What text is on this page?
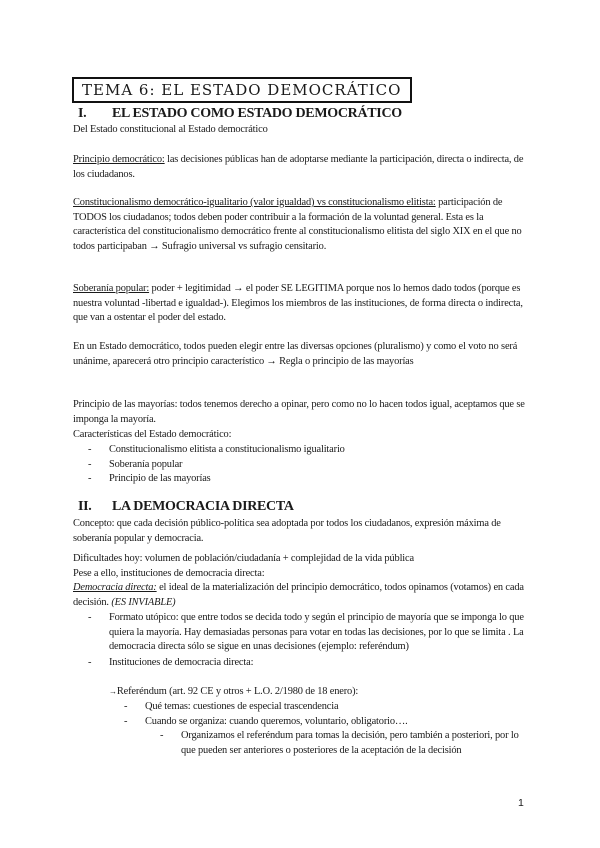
TEMA 6: EL ESTADO DEMOCRÁTICO
I. EL ESTADO COMO ESTADO DEMOCRÁTICO
Del Estado constitucional al Estado democrático
Principio democrático: las decisiones públicas han de adoptarse mediante la participación, directa o indirecta, de los ciudadanos.
Constitucionalismo democrático-igualitario (valor igualdad) vs constitucionalismo elitista: participación de TODOS los ciudadanos; todos deben poder contribuir a la formación de la voluntad general. Esta es la característica del constitucionalismo democrático frente al constitucionalismo elitista del siglo XIX en el que no todos participaban → Sufragio universal vs sufragio censitario.
Soberanía popular: poder + legitimidad → el poder SE LEGITIMA porque nos lo hemos dado todos (porque es nuestra voluntad -libertad e igualdad-). Elegimos los miembros de las instituciones, de forma directa o indirecta, que van a ostentar el poder del estado.
En un Estado democrático, todos pueden elegir entre las diversas opciones (pluralismo) y como el voto no será unánime, aparecerá otro principio característico → Regla o principio de las mayorías
Principio de las mayorías: todos tenemos derecho a opinar, pero como no lo hacen todos igual, aceptamos que se imponga la mayoría.
Características del Estado democrático:
- Constitucionalismo elitista a constitucionalismo igualitario
- Soberanía popular
- Principio de las mayorías
II. LA DEMOCRACIA DIRECTA
Concepto: que cada decisión público-política sea adoptada por todos los ciudadanos, expresión máxima de soberanía popular y democracia.
Dificultades hoy: volumen de población/ciudadanía + complejidad de la vida pública
Pese a ello, instituciones de democracia directa:
Democracia directa: el ideal de la materialización del principio democrático, todos opinamos (votamos) en cada decisión. (ES INVIABLE)
- Formato utópico: que entre todos se decida todo y según el principio de mayoría que se imponga lo que quiera la mayoría. Hay demasiadas personas para votar en todas las decisiones, por lo que se limita . La democracia directa sólo se sigue en unas decisiones (ejemplo: referéndum)
- Instituciones de democracia directa:
→Referéndum (art. 92 CE y otros + L.O. 2/1980 de 18 enero):
- Qué temas: cuestiones de especial trascendencia
- Cuando se organiza: cuando queremos, voluntario, obligatorio….
- Organizamos el referéndum para tomas la decisión, pero también a posteriori, por lo que pueden ser anteriores o posteriores de la aceptación de la decisión
1
